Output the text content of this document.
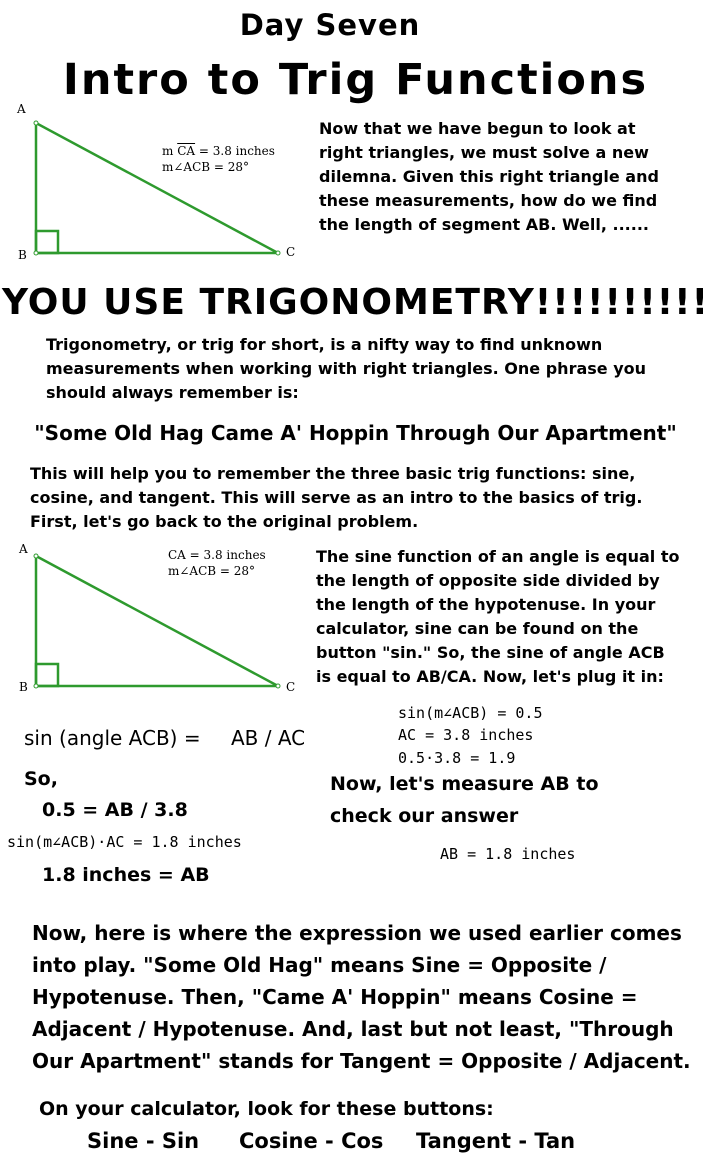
Day Seven
Intro to Trig Functions
A
B	C
m $\overline{CA} = 3.8$ inches
m∠ACB = 28°
Now that we have begun to look at
right triangles, we must solve a new
dilemna. Given this right triangle and
these measurements, how do we find
the length of segment AB. Well, ......
YOU USE TRIGONOMETRY!!!!!!!!!!
Trigonometry, or trig for short, is a nifty way to find unknown
measurements when working with right triangles. One phrase you
should always remember is:
"Some Old Hag Came A' Hoppin Through Our Apartment"
This will help you to remember the three basic trig functions: sine,
cosine, and tangent. This will serve as an intro to the basics of trig.
First, let's go back to the original problem.
A
B	C
CA = 3.8 inches
m∠ACB = 28°
The sine function of an angle is equal to
the length of opposite side divided by
the length of the hypotenuse. In your
calculator, sine can be found on the
button "sin." So, the sine of angle ACB
is equal to AB/CA. Now, let's plug it in:
sin(m∠ACB) = 0.5
AC = 3.8 inches
0.5·3.8 = 1.9
sin (angle ACB) = AB / AC
So,
0.5 = AB / 3.8
sin(m∠ACB)·AC = 1.8 inches
1.8 inches = AB
Now, let's measure AB to
check our answer
AB = 1.8 inches
Now, here is where the expression we used earlier comes
into play. "Some Old Hag" means Sine = Opposite /
Hypotenuse. Then, "Came A' Hoppin" means Cosine =
Adjacent / Hypotenuse. And, last but not least, "Through
Our Apartment" stands for Tangent = Opposite / Adjacent.
On your calculator, look for these buttons:
Sine - Sin Cosine - Cos Tangent - Tan
